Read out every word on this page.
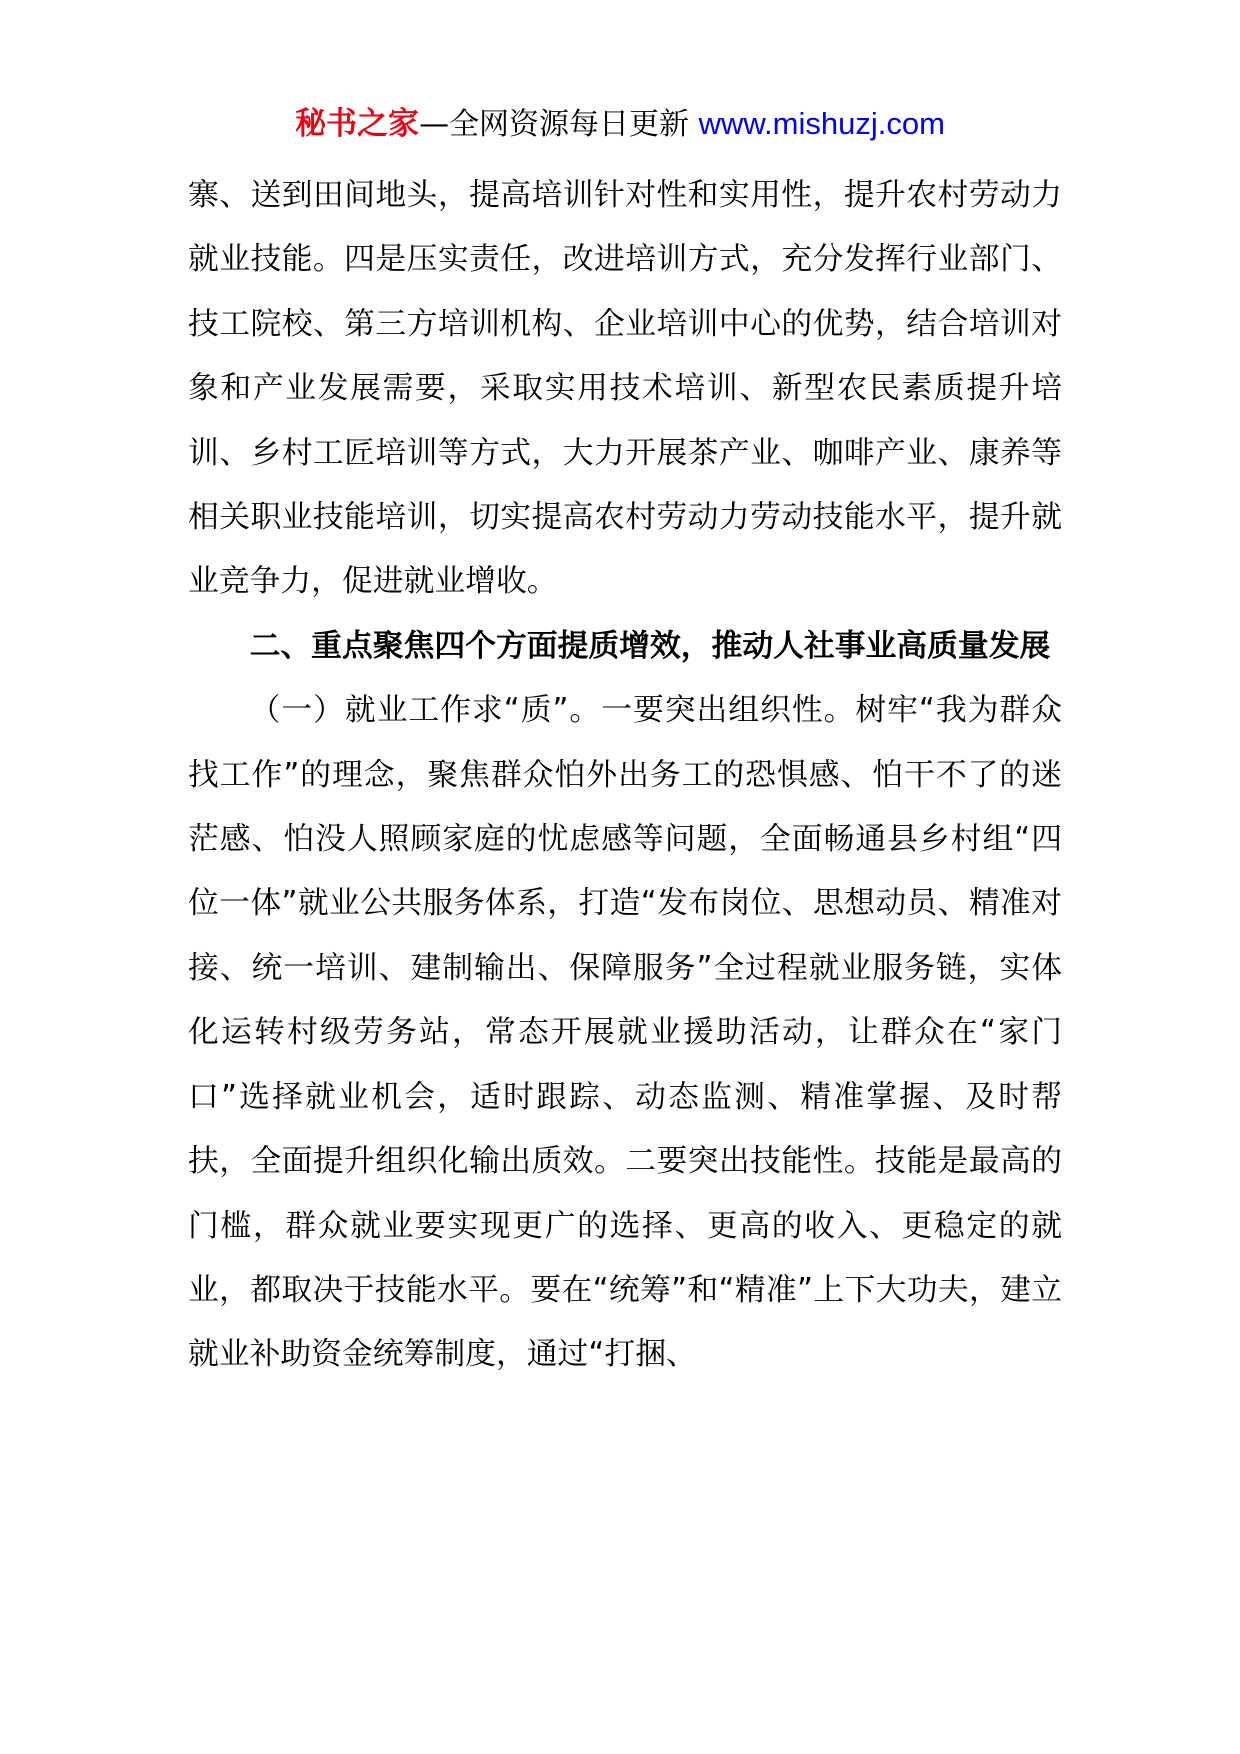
秘书之家—全网资源每日更新 www.mishuzj.com

寨、送到田间地头，提高培训针对性和实用性，提升农村劳动力就业技能。四是压实责任，改进培训方式，充分发挥行业部门、技工院校、第三方培训机构、企业培训中心的优势，结合培训对象和产业发展需要，采取实用技术培训、新型农民素质提升培训、乡村工匠培训等方式，大力开展茶产业、咖啡产业、康养等相关职业技能培训，切实提高农村劳动力劳动技能水平，提升就业竞争力，促进就业增收。

二、重点聚焦四个方面提质增效，推动人社事业高质量发展

（一）就业工作求“质”。一要突出组织性。树牢“我为群众找工作”的理念，聚焦群众怕外出务工的恐惧感、怕干不了的迷茫感、怕没人照顾家庭的忧虑感等问题，全面畅通县乡村组“四位一体”就业公共服务体系，打造“发布岗位、思想动员、精准对接、统一培训、建制输出、保障服务”全过程就业服务链，实体化运转村级劳务站，常态开展就业援助活动，让群众在“家门口”选择就业机会，适时跟踪、动态监测、精准掌握、及时帮扶，全面提升组织化输出质效。二要突出技能性。技能是最高的门槛，群众就业要实现更广的选择、更高的收入、更稳定的就业，都取决于技能水平。要在“统筹”和“精准”上下大功夫，建立就业补助资金统筹制度，通过“打捆、
